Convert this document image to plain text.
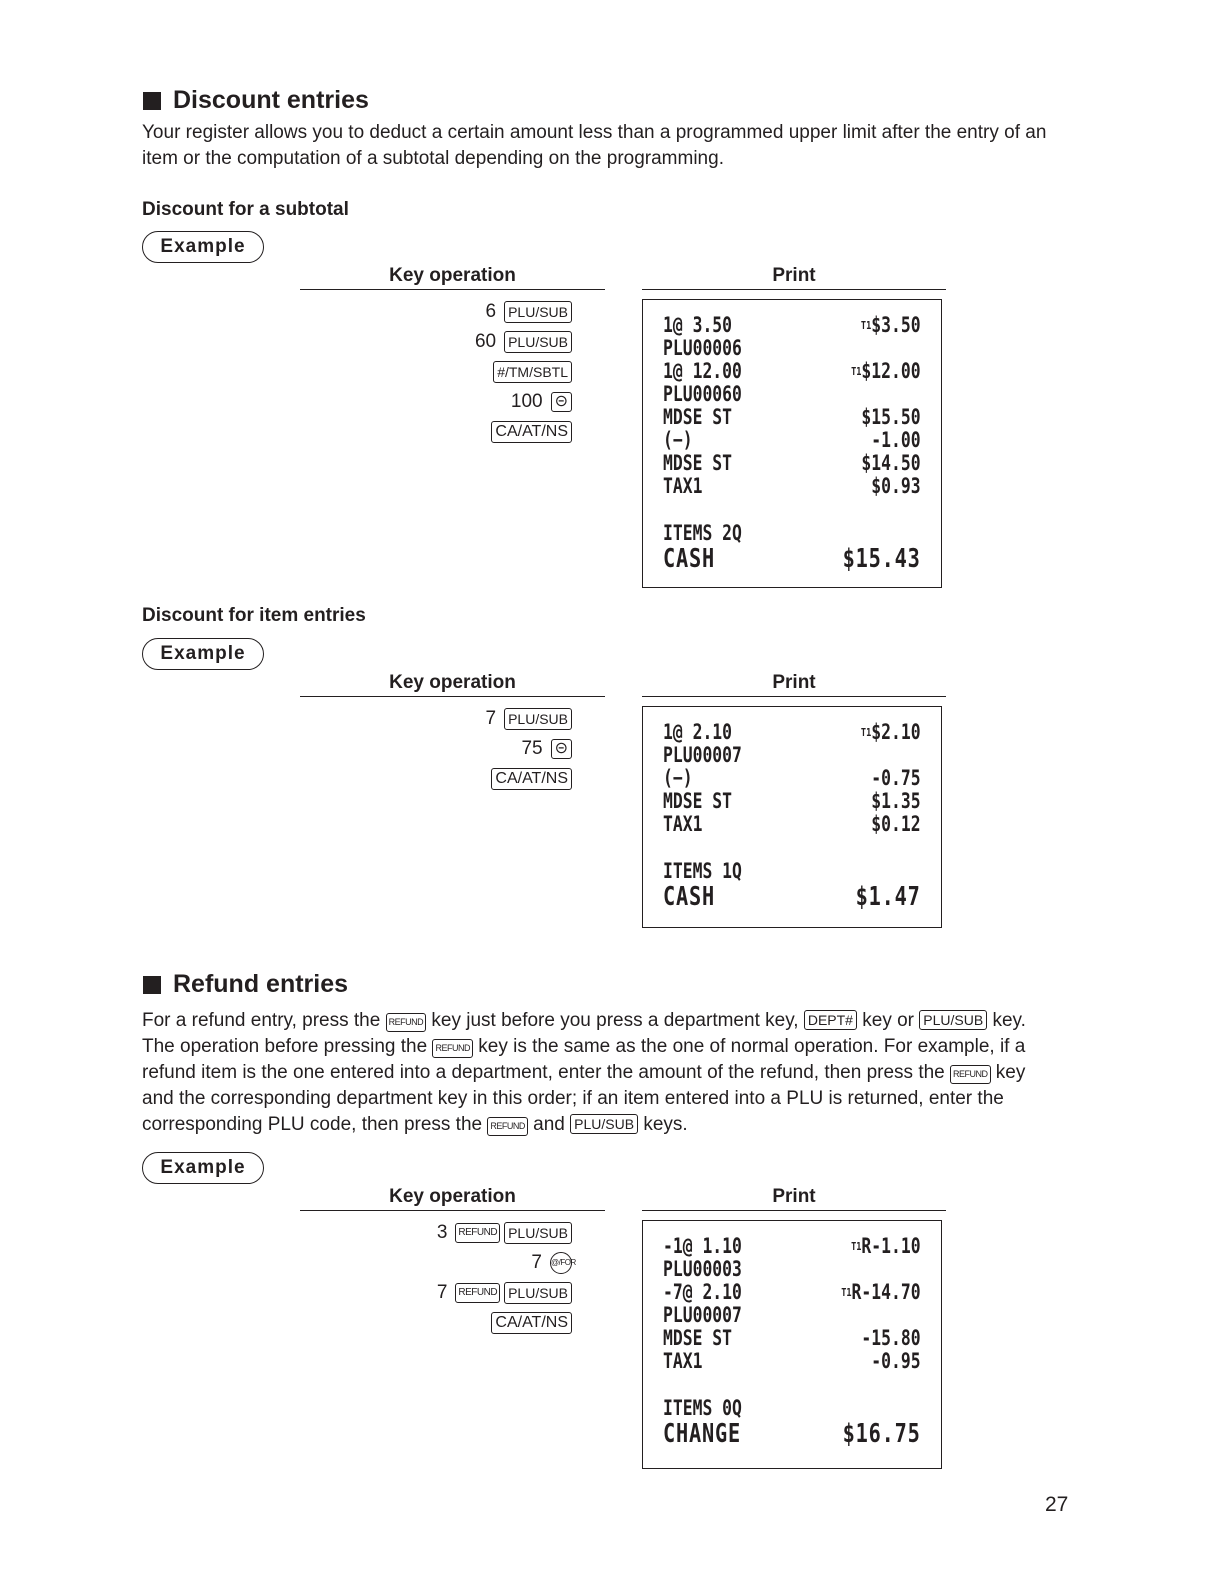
Discount entries
Your register allows you to deduct a certain amount less than a programmed upper limit after the entry of an item or the computation of a subtotal depending on the programming.
Discount for a subtotal
Example
Key operation	Print
6 PLU/SUB
60 PLU/SUB
#/TM/SBTL
100 ⊝
CA/AT/NS
1@ 3.50	$^{T1}$\$3.50
PLU00006
1@ 12.00	$^{T1}$\$12.00
PLU00060
MDSE ST	$15.50
(−)	-1.00
MDSE ST	$14.50
TAX1	$0.93
ITEMS 2Q
CASH	$15.43
Discount for item entries
Example
Key operation	Print
7 PLU/SUB
75 ⊝
CA/AT/NS
1@ 2.10	$^{T1}$\$2.10
PLU00007
(−)	-0.75
MDSE ST	$1.35
TAX1	$0.12
ITEMS 1Q
CASH	$1.47
Refund entries
For a refund entry, press the REFUND key just before you press a department key, DEPT# key or PLU/SUB key. The operation before pressing the REFUND key is the same as the one of normal operation. For example, if a refund item is the one entered into a department, enter the amount of the refund, then press the REFUND key and the corresponding department key in this order; if an item entered into a PLU is returned, enter the corresponding PLU code, then press the REFUND and PLU/SUB keys.
Example
Key operation	Print
3	REFUND PLU/SUB
7 @/FOR
7	REFUND PLU/SUB
CA/AT/NS
-1@ 1.10	$^{T1}$R-1.10
PLU00003
-7@ 2.10	$^{T1}$R-14.70
PLU00007
MDSE ST	-15.80
TAX1	-0.95
ITEMS 0Q
CHANGE	$16.75
27
